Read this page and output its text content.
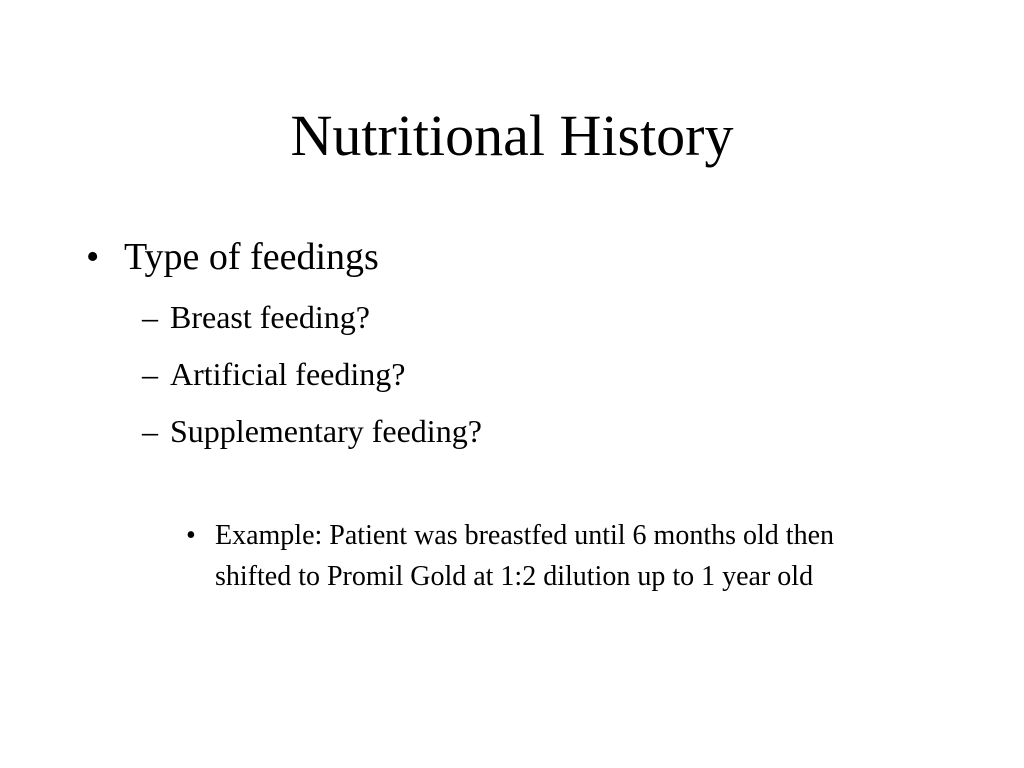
Nutritional History
• Type of feedings
– Breast feeding?
– Artificial feeding?
– Supplementary feeding?
• Example: Patient was breastfed until 6 months old then shifted to Promil Gold at 1:2 dilution up to 1 year old
